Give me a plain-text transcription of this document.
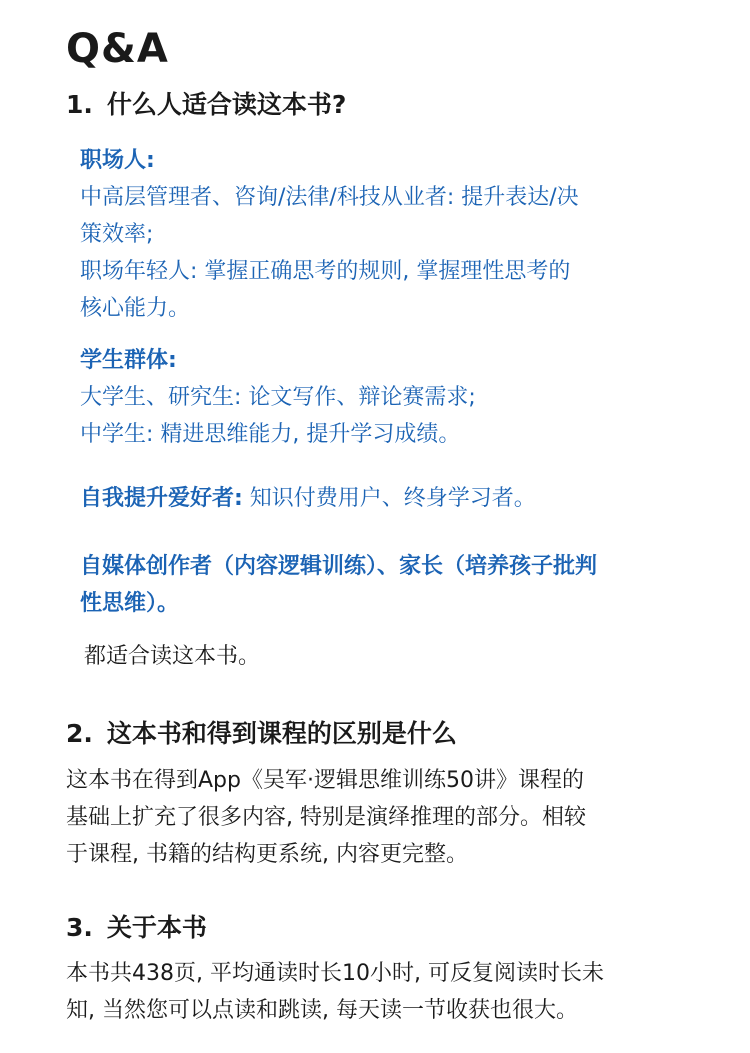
Q&A
1. 什么人适合读这本书?
职场人:
中高层管理者、咨询/法律/科技从业者: 提升表达/决
策效率;
职场年轻人: 掌握正确思考的规则, 掌握理性思考的
核心能力。
学生群体:
大学生、研究生: 论文写作、辩论赛需求;
中学生: 精进思维能力, 提升学习成绩。
自我提升爱好者: 知识付费用户、终身学习者。
自媒体创作者（内容逻辑训练）、家长（培养孩子批判
性思维）。

都适合读这本书。

2. 这本书和得到课程的区别是什么
这本书在得到App《吴军·逻辑思维训练50讲》课程的
基础上扩充了很多内容, 特别是演绎推理的部分。相较
于课程, 书籍的结构更系统, 内容更完整。
3. 关于本书
本书共438页, 平均通读时长10小时, 可反复阅读时长未
知, 当然您可以点读和跳读, 每天读一节收获也很大。
